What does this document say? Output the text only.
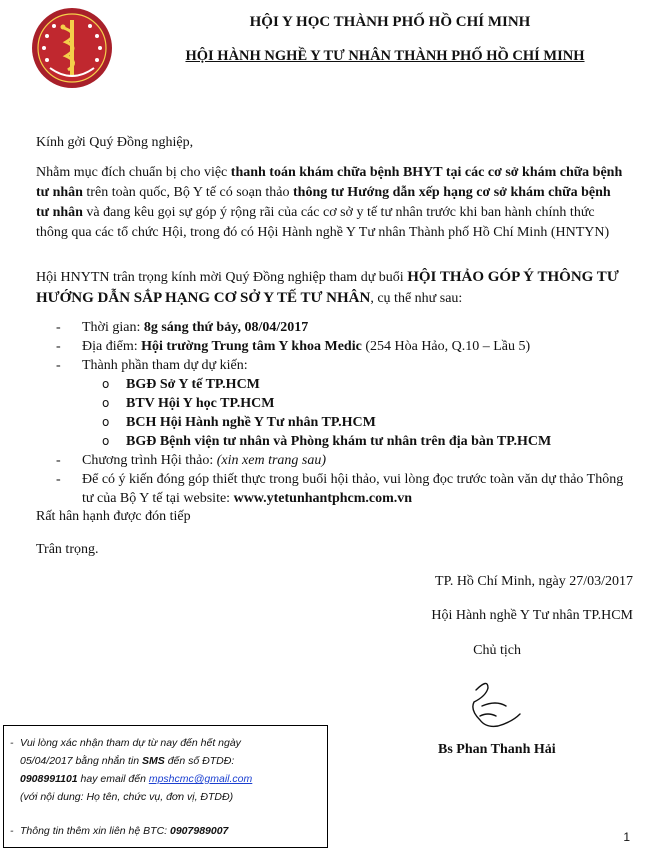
HỘI Y HỌC THÀNH PHỐ HỒ CHÍ MINH
HỘI HÀNH NGHỀ Y TƯ NHÂN THÀNH PHỐ HỒ CHÍ MINH
Kính gởi Quý Đồng nghiệp,
Nhằm mục đích chuẩn bị cho việc thanh toán khám chữa bệnh BHYT tại các cơ sở khám chữa bệnh tư nhân trên toàn quốc, Bộ Y tế có soạn thảo thông tư Hướng dẫn xếp hạng cơ sở khám chữa bệnh tư nhân và đang kêu gọi sự góp ý rộng rãi của các cơ sở y tế tư nhân trước khi ban hành chính thức thông qua các tổ chức Hội, trong đó có Hội Hành nghề Y Tư nhân Thành phố Hồ Chí Minh (HNTYN)
Hội HNYTN trân trọng kính mời Quý Đồng nghiệp tham dự buổi HỘI THẢO GÓP Ý THÔNG TƯ HƯỚNG DẪN SẮP HẠNG CƠ SỞ Y TẾ TƯ NHÂN, cụ thể như sau:
- Thời gian: 8g sáng thứ bảy, 08/04/2017
- Địa điểm: Hội trường Trung tâm Y khoa Medic (254 Hòa Hảo, Q.10 – Lầu 5)
- Thành phần tham dự dự kiến:
o BGĐ Sở Y tế TP.HCM
o BTV Hội Y học TP.HCM
o BCH Hội Hành nghề Y Tư nhân TP.HCM
o BGĐ Bệnh viện tư nhân và Phòng khám tư nhân trên địa bàn TP.HCM
- Chương trình Hội thảo: (xin xem trang sau)
- Để có ý kiến đóng góp thiết thực trong buổi hội thảo, vui lòng đọc trước toàn văn dự thảo Thông tư của Bộ Y tế tại website: www.ytetunhantphcm.com.vn
Rất hân hạnh được đón tiếp
Trân trọng.
TP. Hồ Chí Minh, ngày 27/03/2017
Hội Hành nghề Y Tư nhân TP.HCM
Chủ tịch
Bs Phan Thanh Hải
- Vui lòng xác nhận tham dự từ nay đến hết ngày
05/04/2017 bằng nhắn tin SMS đến số ĐTDĐ:
0908991101 hay email đến mpshcmc@gmail.com
(với nội dung: Họ tên, chức vụ, đơn vị, ĐTDĐ)
- Thông tin thêm xin liên hệ BTC: 0907989007	1
